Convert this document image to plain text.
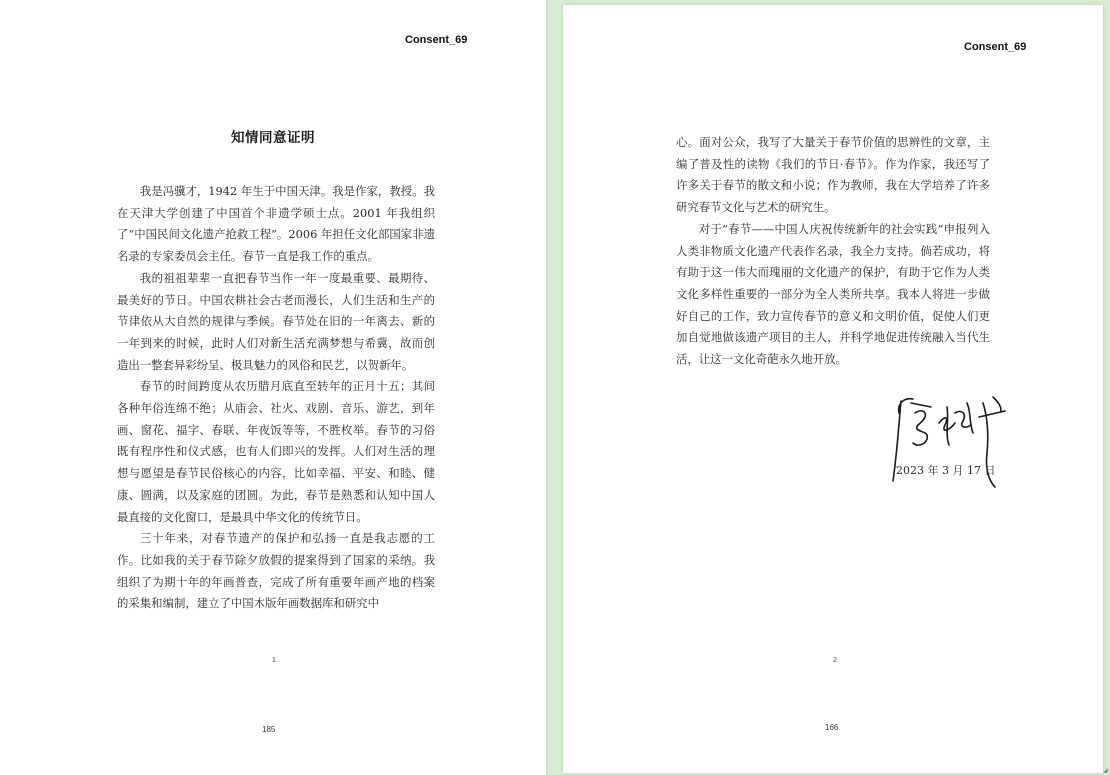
Consent_69
知情同意证明

我是冯骥才，1942 年生于中国天津。我是作家，教授。我在天津大学创建了中国首个非遗学硕士点。2001 年我组织了“中国民间文化遗产抢救工程”。2006 年担任文化部国家非遗名录的专家委员会主任。春节一直是我工作的重点。

我的祖祖辈辈一直把春节当作一年一度最重要、最期待、最美好的节日。中国农耕社会古老而漫长，人们生活和生产的节律依从大自然的规律与季候。春节处在旧的一年离去、新的一年到来的时候，此时人们对新生活充满梦想与希冀，故而创造出一整套异彩纷呈、极具魅力的风俗和民艺，以贺新年。

春节的时间跨度从农历腊月底直至转年的正月十五；其间各种年俗连绵不绝；从庙会、社火、戏剧、音乐、游艺，到年画、窗花、福字、春联、年夜饭等等，不胜枚举。春节的习俗既有程序性和仪式感，也有人们即兴的发挥。人们对生活的理想与愿望是春节民俗核心的内容，比如幸福、平安、和睦、健康、圆满，以及家庭的团圆。为此，春节是熟悉和认知中国人最直接的文化窗口，是最具中华文化的传统节日。

三十年来，对春节遗产的保护和弘扬一直是我志愿的工作。比如我的关于春节除夕放假的提案得到了国家的采纳。我组织了为期十年的年画普查，完成了所有重要年画产地的档案的采集和编制，建立了中国木版年画数据库和研究中

1
185
Consent_69

心。面对公众，我写了大量关于春节价值的思辨性的文章，主编了普及性的读物《我们的节日·春节》。作为作家，我还写了许多关于春节的散文和小说；作为教师，我在大学培养了许多研究春节文化与艺术的研究生。

对于“春节——中国人庆祝传统新年的社会实践”申报列入人类非物质文化遗产代表作名录，我全力支持。倘若成功，将有助于这一伟大而瑰丽的文化遗产的保护，有助于它作为人类文化多样性重要的一部分为全人类所共享。我本人将进一步做好自己的工作，致力宣传春节的意义和文明价值，促使人们更加自觉地做该遗产项目的主人，并科学地促进传统融入当代生活，让这一文化奇葩永久地开放。

2023 年 3 月 17 日
2
166
◢
